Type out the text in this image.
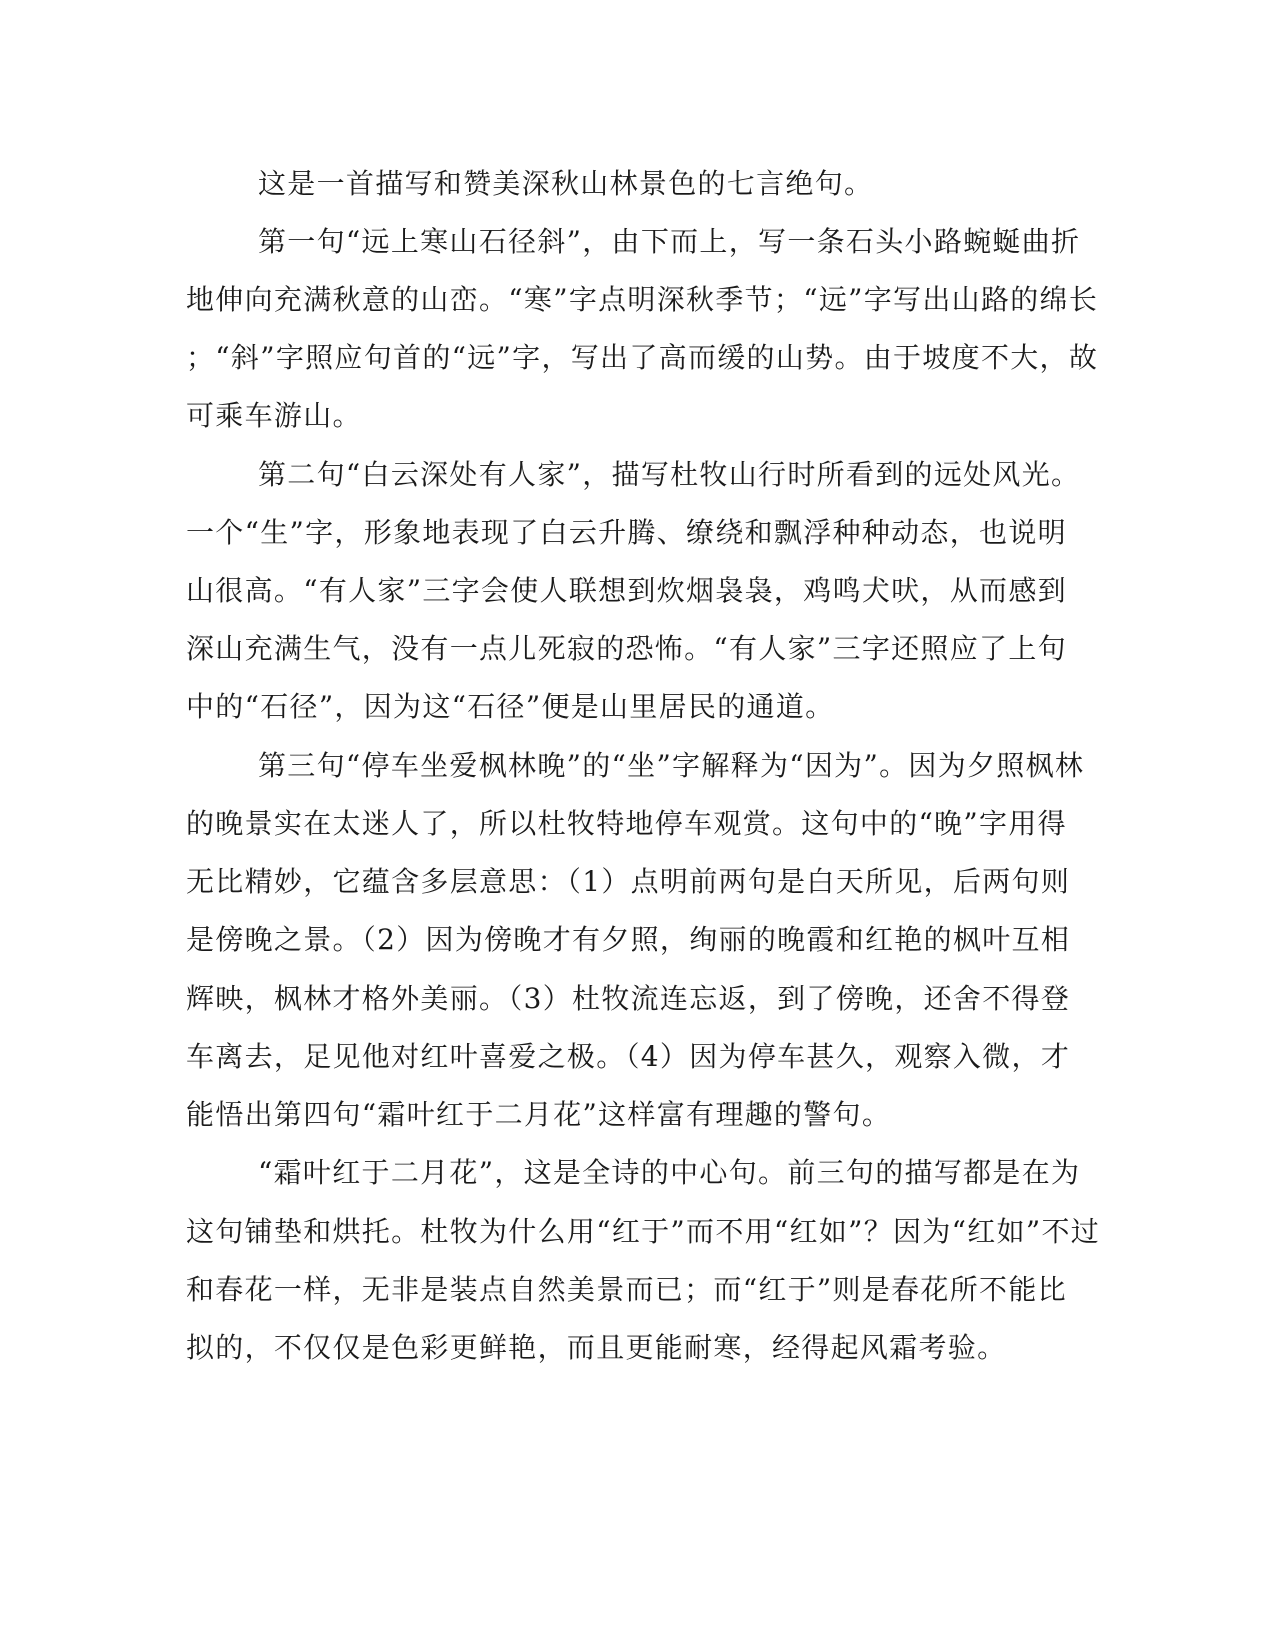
这是一首描写和赞美深秋山林景色的七言绝句。
第一句“远上寒山石径斜”，由下而上，写一条石头小路蜿蜒曲折
地伸向充满秋意的山峦。“寒”字点明深秋季节；“远”字写出山路的绵长
；“斜”字照应句首的“远”字，写出了高而缓的山势。由于坡度不大，故
可乘车游山。
第二句“白云深处有人家”，描写杜牧山行时所看到的远处风光。
一个“生”字，形象地表现了白云升腾、缭绕和飘浮种种动态，也说明
山很高。“有人家”三字会使人联想到炊烟袅袅，鸡鸣犬吠，从而感到
深山充满生气，没有一点儿死寂的恐怖。“有人家”三字还照应了上句
中的“石径”，因为这“石径”便是山里居民的通道。
第三句“停车坐爱枫林晚”的“坐”字解释为“因为”。因为夕照枫林
的晚景实在太迷人了，所以杜牧特地停车观赏。这句中的“晚”字用得
无比精妙，它蕴含多层意思：（1）点明前两句是白天所见，后两句则
是傍晚之景。（2）因为傍晚才有夕照，绚丽的晚霞和红艳的枫叶互相
辉映，枫林才格外美丽。（3）杜牧流连忘返，到了傍晚，还舍不得登
车离去，足见他对红叶喜爱之极。（4）因为停车甚久，观察入微，才
能悟出第四句“霜叶红于二月花”这样富有理趣的警句。
“霜叶红于二月花”，这是全诗的中心句。前三句的描写都是在为
这句铺垫和烘托。杜牧为什么用“红于”而不用“红如”？因为“红如”不过
和春花一样，无非是装点自然美景而已；而“红于”则是春花所不能比
拟的，不仅仅是色彩更鲜艳，而且更能耐寒，经得起风霜考验。
